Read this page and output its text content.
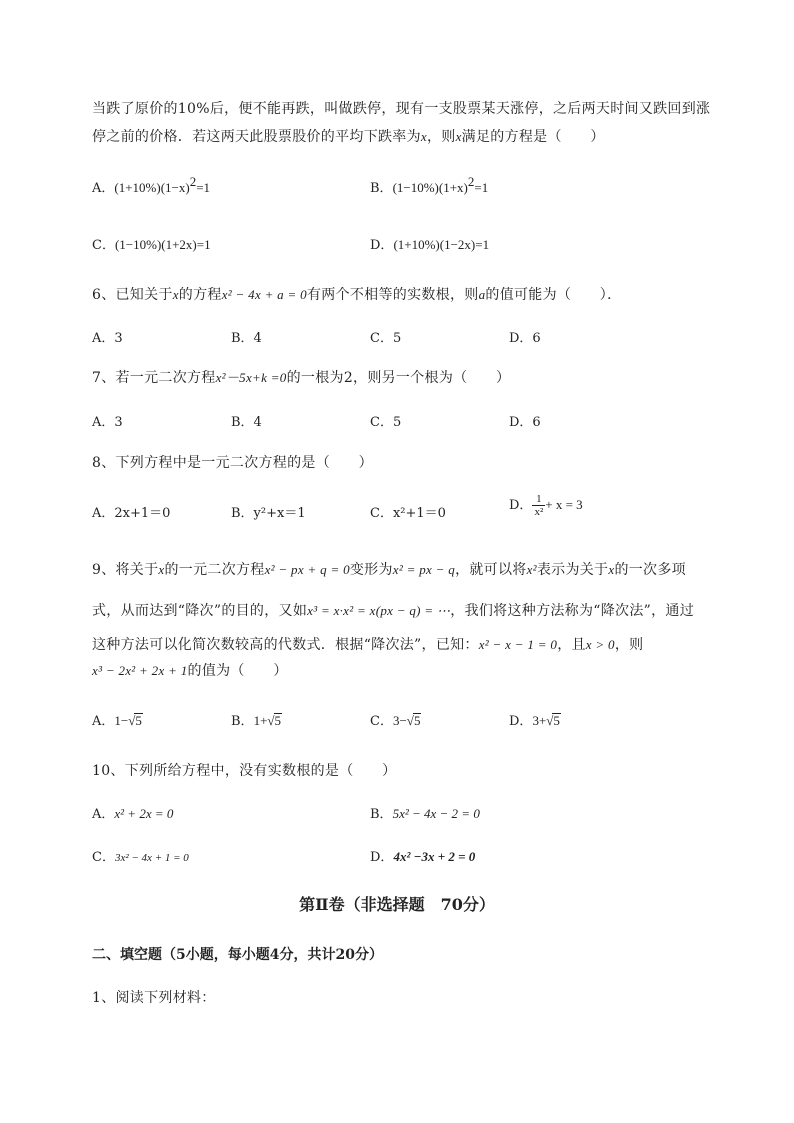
当跌了原价的10%后，便不能再跌，叫做跌停，现有一支股票某天涨停，之后两天时间又跌回到涨
停之前的价格．若这两天此股票股价的平均下跌率为x，则x满足的方程是（　　）
A．$(1+10\%)(1-x)^2=1$	B．$(1-10\%)(1+x)^2=1$
C．(1−10%)(1+2x)=1	D．(1+10%)(1−2x)=1
6、已知关于x的方程x² − 4x + a = 0有两个不相等的实数根，则a的值可能为（　　）．
A．3	B．4	C．5	D．6
7、若一元二次方程x²－5x+k =0的一根为2，则另一个根为（　　）
A．3	B．4	C．5	D．6
8、下列方程中是一元二次方程的是（　　）
A．2x+1＝0	B．y²+x＝1	C．x²+1＝0
D． $\frac{1}{\text{x²}} + x = 3$
9、将关于x的一元二次方程x² − px + q = 0变形为x² = px − q，就可以将x²表示为关于x的一次多项
式，从而达到“降次”的目的，又如x³ = x·x² = x(px − q) = ⋯，我们将这种方法称为“降次法”，通过
这种方法可以化简次数较高的代数式．根据“降次法”，已知：x² − x − 1 = 0，且x > 0，则
x³ − 2x² + 2x + 1的值为（　　）
A．1−√5	B．1+√5	C．3−√5	D．3+√5
10、下列所给方程中，没有实数根的是（　　）
A．x² + 2x = 0	B．5x² − 4x − 2 = 0
C．3x² − 4x + 1 = 0	D．4x² −3x + 2 = 0
第Ⅱ卷（非选择题　70分）
二、填空题（5小题，每小题4分，共计20分）
1、阅读下列材料：
